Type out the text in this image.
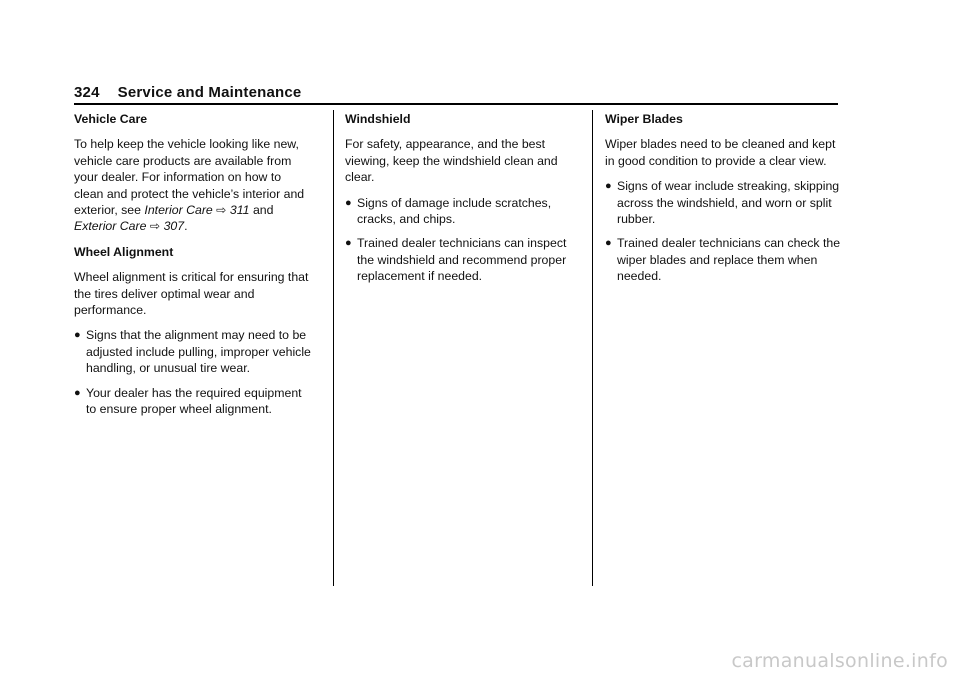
324 Service and Maintenance

Vehicle Care

To help keep the vehicle looking like new, vehicle care products are available from your dealer. For information on how to clean and protect the vehicle’s interior and exterior, see Interior Care ⇨ 311 and
Exterior Care ⇨ 307.

Wheel Alignment

Wheel alignment is critical for ensuring that the tires deliver optimal wear and performance.

● Signs that the alignment may need to be adjusted include pulling, improper vehicle handling, or unusual tire wear.
● Your dealer has the required equipment to ensure proper wheel alignment.

Windshield

For safety, appearance, and the best viewing, keep the windshield clean and clear.

● Signs of damage include scratches, cracks, and chips.
● Trained dealer technicians can inspect the windshield and recommend proper replacement if needed.

Wiper Blades

Wiper blades need to be cleaned and kept in good condition to provide a clear view.

● Signs of wear include streaking, skipping across the windshield, and worn or split rubber.
● Trained dealer technicians can check the wiper blades and replace them when needed.
carmanualsonline.info
